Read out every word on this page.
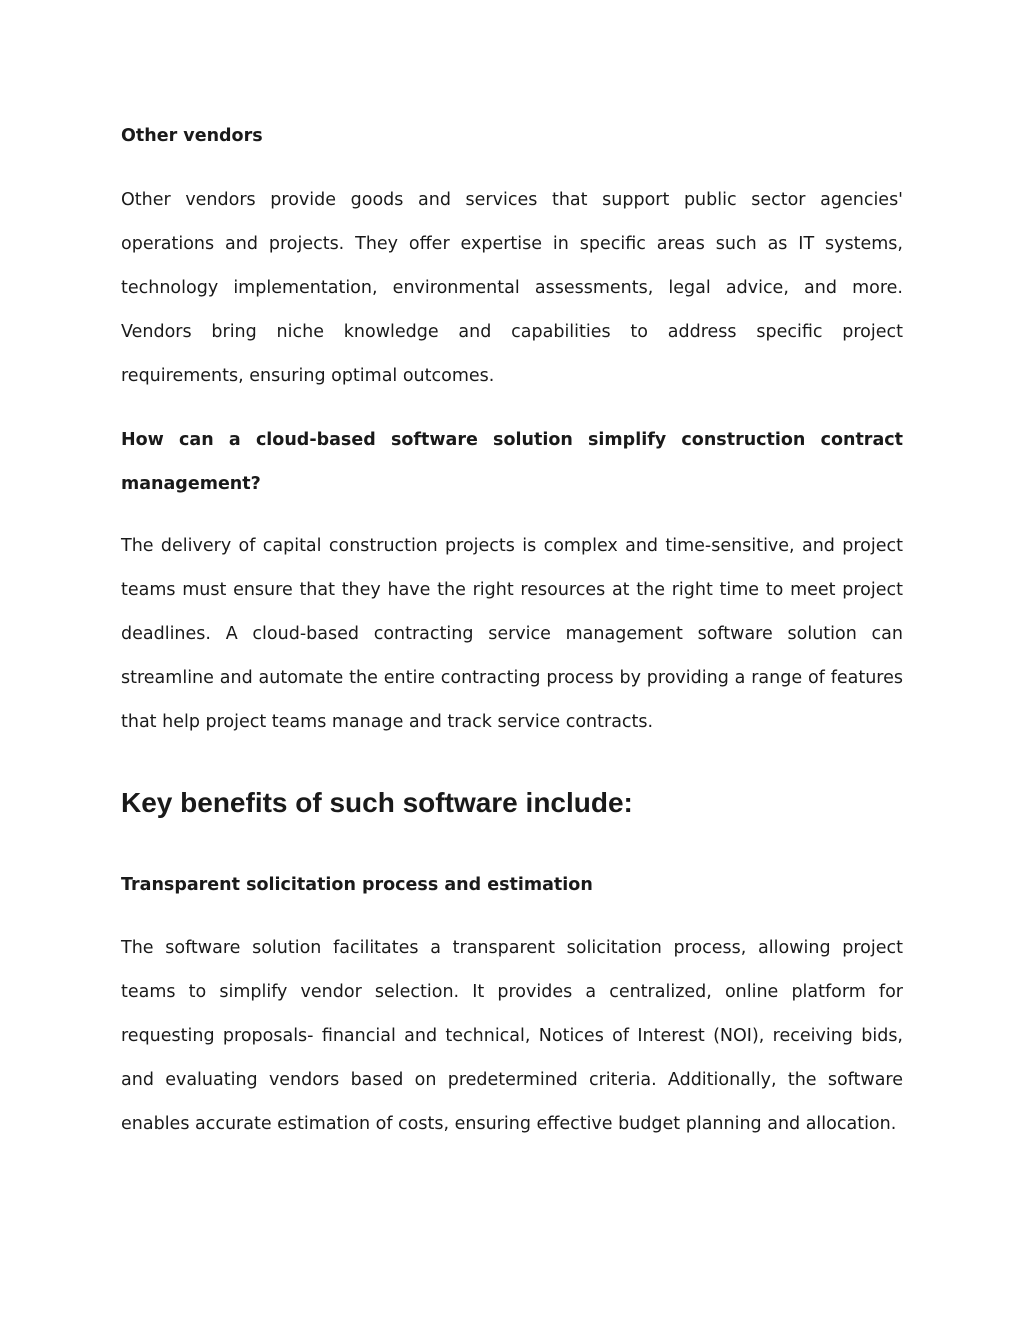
Other vendors

Other vendors provide goods and services that support public sector agencies' operations and projects. They offer expertise in specific areas such as IT systems, technology implementation, environmental assessments, legal advice, and more. Vendors bring niche knowledge and capabilities to address specific project requirements, ensuring optimal outcomes.

How can a cloud-based software solution simplify construction contract management?

The delivery of capital construction projects is complex and time-sensitive, and project teams must ensure that they have the right resources at the right time to meet project deadlines. A cloud-based contracting service management software solution can streamline and automate the entire contracting process by providing a range of features that help project teams manage and track service contracts.

Key benefits of such software include:

Transparent solicitation process and estimation

The software solution facilitates a transparent solicitation process, allowing project teams to simplify vendor selection. It provides a centralized, online platform for requesting proposals- financial and technical, Notices of Interest (NOI), receiving bids, and evaluating vendors based on predetermined criteria. Additionally, the software enables accurate estimation of costs, ensuring effective budget planning and allocation.
